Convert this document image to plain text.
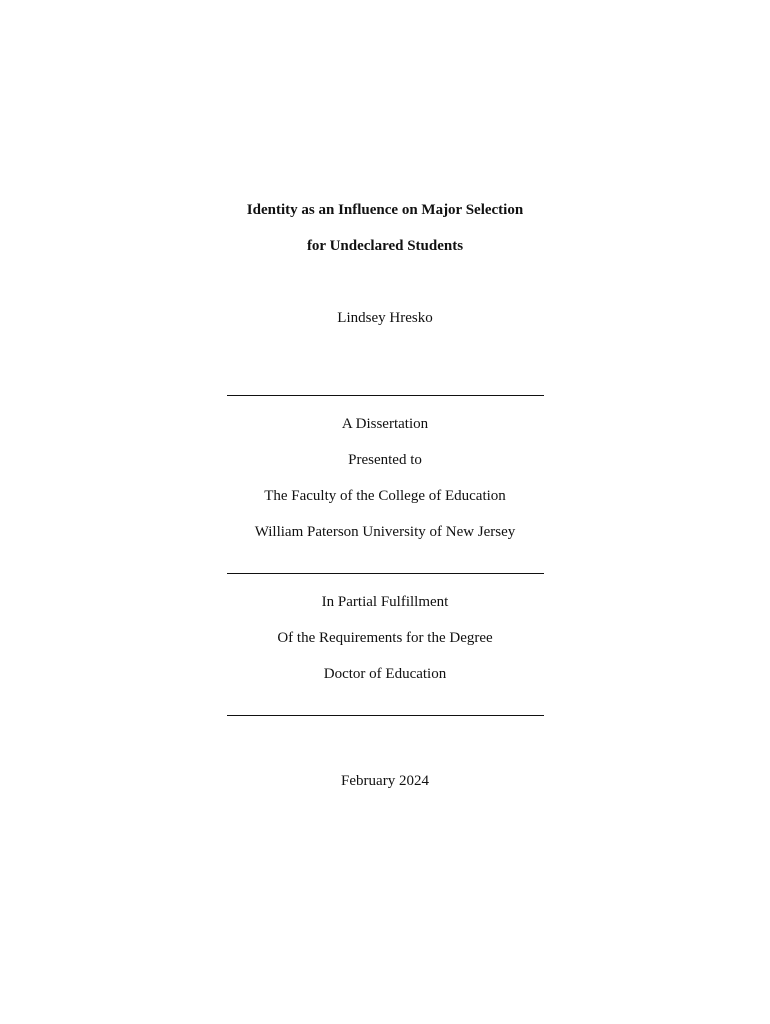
Identity as an Influence on Major Selection
for Undeclared Students
Lindsey Hresko
A Dissertation
Presented to
The Faculty of the College of Education
William Paterson University of New Jersey
In Partial Fulfillment
Of the Requirements for the Degree
Doctor of Education
February 2024
